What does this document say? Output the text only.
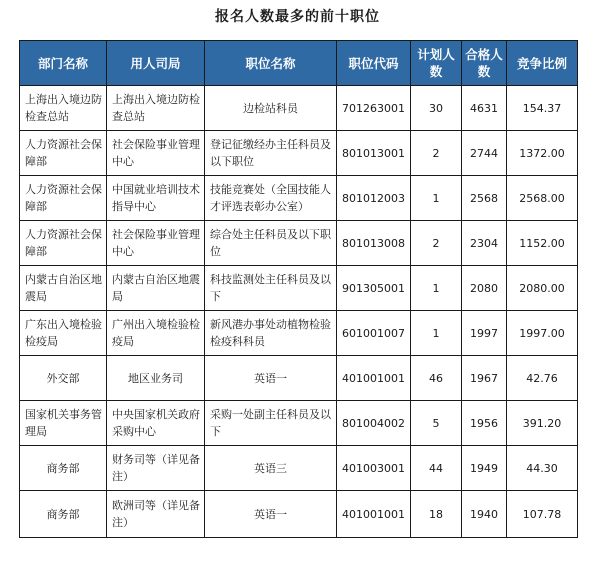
报名人数最多的前十职位
部门名称	用人司局	职位名称	职位代码	计划人数	合格人数	竞争比例
上海出入境边防检查总站	上海出入境边防检查总站	边检站科员	701263001	30	4631	154.37
人力资源社会保障部	社会保险事业管理中心	登记征缴经办主任科员及以下职位	801013001	2	2744	1372.00
人力资源社会保障部	中国就业培训技术指导中心	技能竞赛处（全国技能人才评选表彰办公室）	801012003	1	2568	2568.00
人力资源社会保障部	社会保险事业管理中心	综合处主任科员及以下职位	801013008	2	2304	1152.00
内蒙古自治区地震局	内蒙古自治区地震局	科技监测处主任科员及以下	901305001	1	2080	2080.00
广东出入境检验检疫局	广州出入境检验检疫局	新风港办事处动植物检验检疫科科员	601001007	1	1997	1997.00
外交部	地区业务司	英语一	401001001	46	1967	42.76
国家机关事务管理局	中央国家机关政府采购中心	采购一处副主任科员及以下	801004002	5	1956	391.20
商务部	财务司等（详见备注）	英语三	401003001	44	1949	44.30
商务部	欧洲司等（详见备注）	英语一	401001001	18	1940	107.78
